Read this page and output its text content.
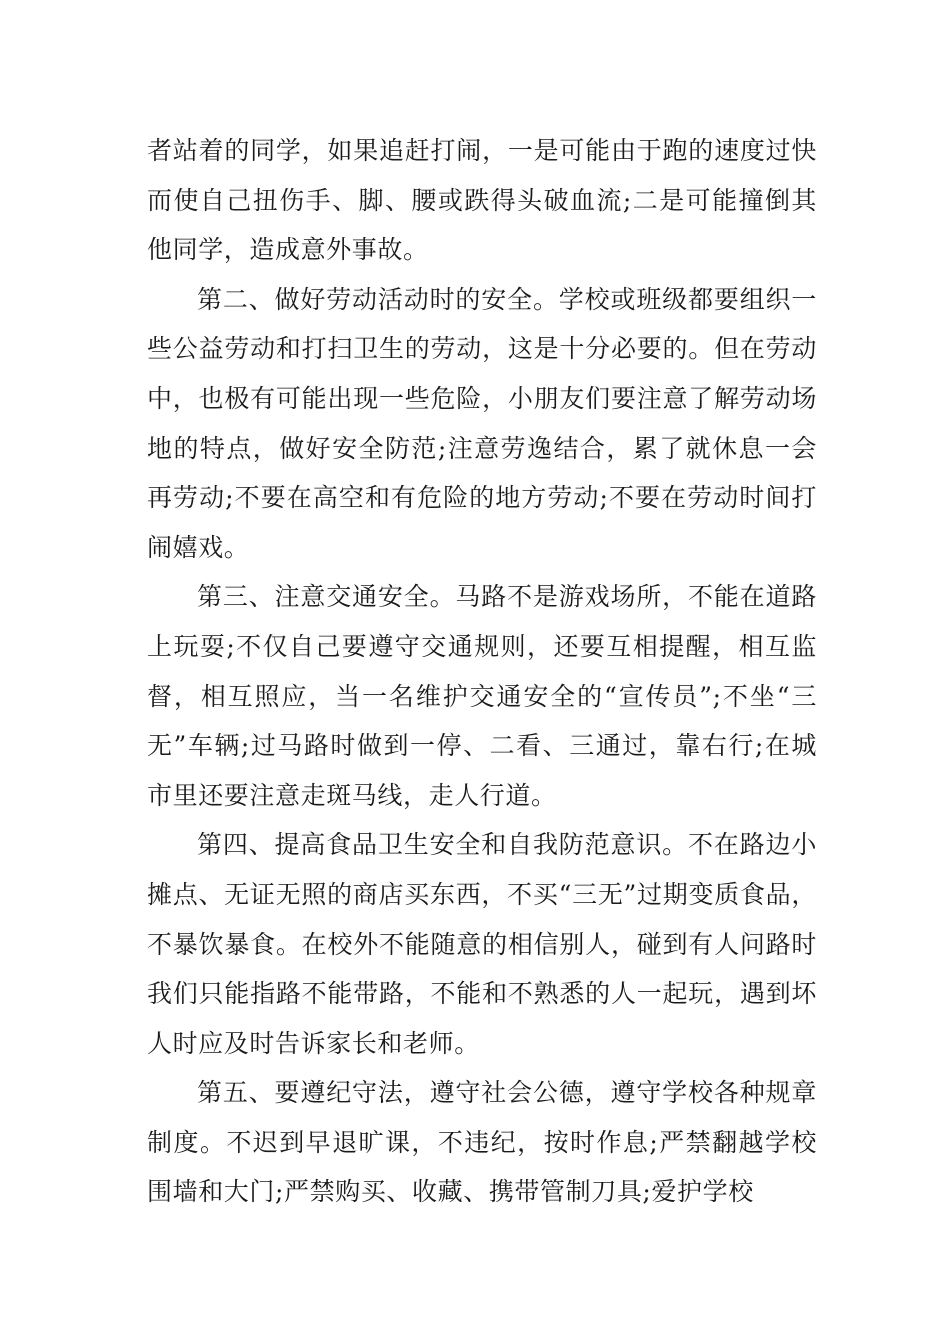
者站着的同学，如果追赶打闹，一是可能由于跑的速度过快而使自己扭伤手、脚、腰或跌得头破血流;二是可能撞倒其他同学，造成意外事故。

第二、做好劳动活动时的安全。学校或班级都要组织一些公益劳动和打扫卫生的劳动，这是十分必要的。但在劳动中，也极有可能出现一些危险，小朋友们要注意了解劳动场地的特点，做好安全防范;注意劳逸结合，累了就休息一会再劳动;不要在高空和有危险的地方劳动;不要在劳动时间打闹嬉戏。

第三、注意交通安全。马路不是游戏场所，不能在道路上玩耍;不仅自己要遵守交通规则，还要互相提醒，相互监督，相互照应，当一名维护交通安全的“宣传员”;不坐“三无”车辆;过马路时做到一停、二看、三通过，靠右行;在城市里还要注意走斑马线，走人行道。

第四、提高食品卫生安全和自我防范意识。不在路边小摊点、无证无照的商店买东西，不买“三无”过期变质食品，不暴饮暴食。在校外不能随意的相信别人，碰到有人问路时我们只能指路不能带路，不能和不熟悉的人一起玩，遇到坏人时应及时告诉家长和老师。

第五、要遵纪守法，遵守社会公德，遵守学校各种规章制度。不迟到早退旷课，不违纪，按时作息;严禁翻越学校围墙和大门;严禁购买、收藏、携带管制刀具;爱护学校
